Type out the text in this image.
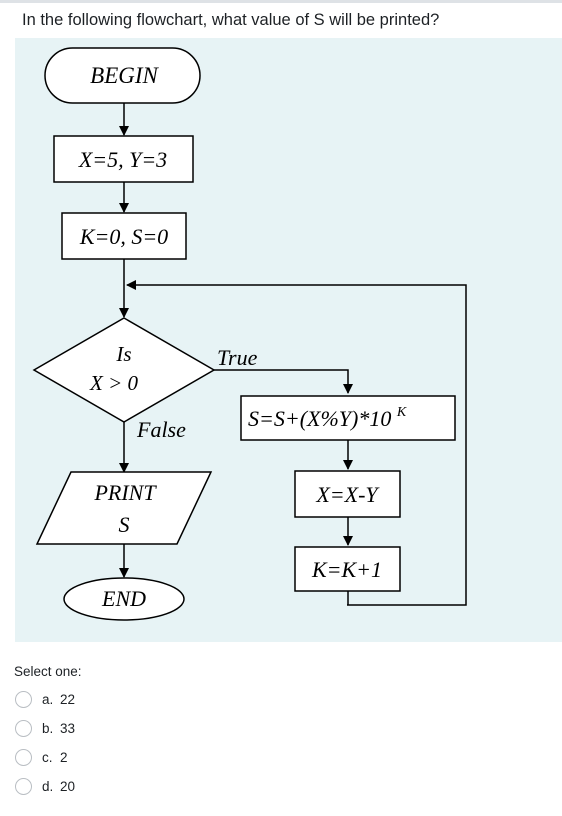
In the following flowchart, what value of S will be printed?
BEGIN
X=5, Y=3
K=0, S=0
Is
X > 0
True
False	S=S+(X%Y)*10 $^K$
X=X-Y
K=K+1
PRINT
S
END
Select one:
a. 22
b. 33
c. 2
d. 20
